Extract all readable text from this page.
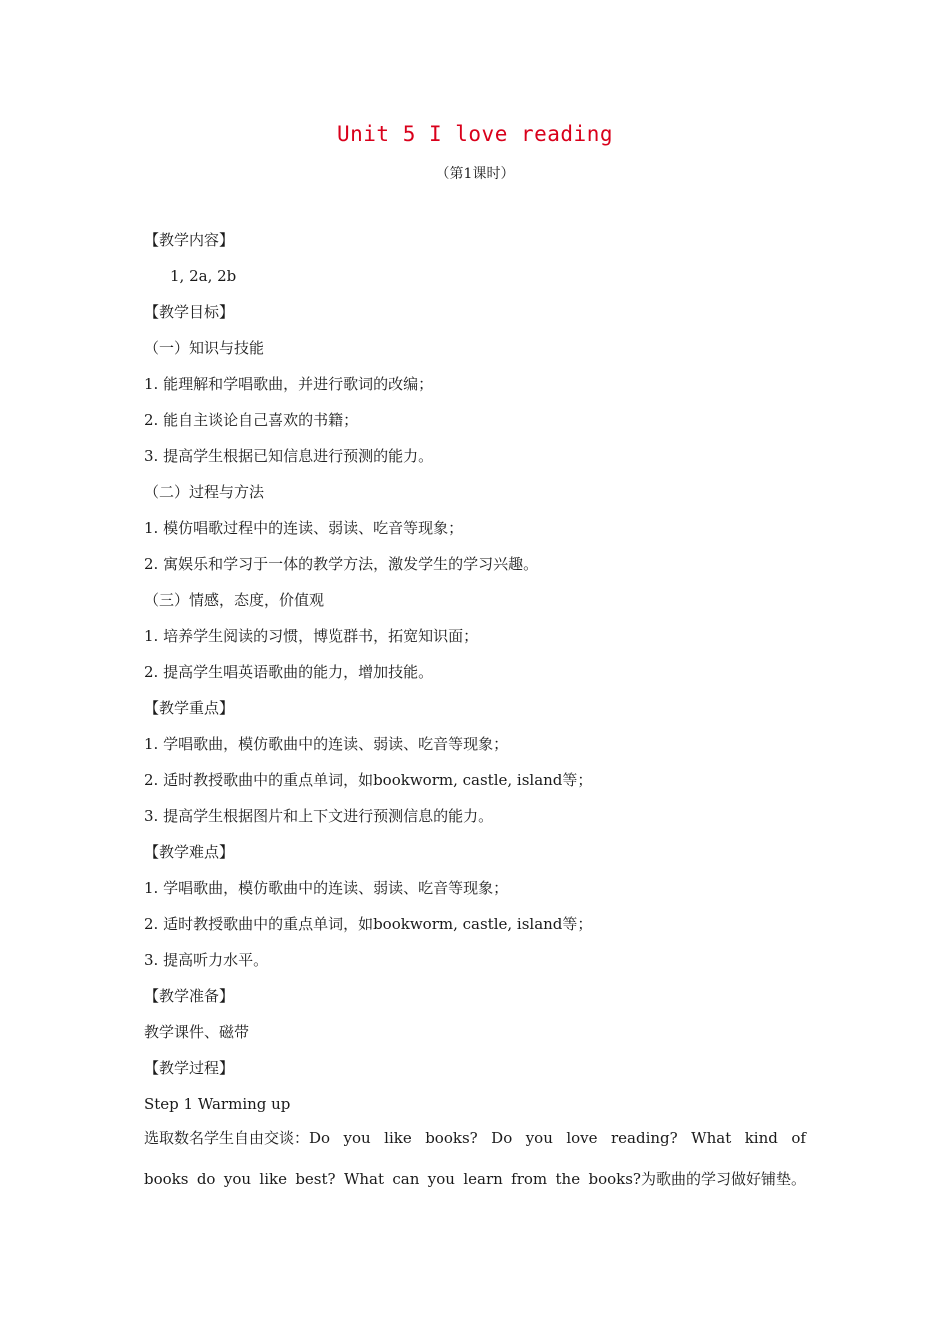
Unit 5 I love reading
（第1课时）
【教学内容】
1, 2a, 2b
【教学目标】
（一）知识与技能
1. 能理解和学唱歌曲，并进行歌词的改编；
2. 能自主谈论自己喜欢的书籍；
3. 提高学生根据已知信息进行预测的能力。
（二）过程与方法
1. 模仿唱歌过程中的连读、弱读、吃音等现象；
2. 寓娱乐和学习于一体的教学方法，激发学生的学习兴趣。
（三）情感，态度，价值观
1. 培养学生阅读的习惯，博览群书，拓宽知识面；
2. 提高学生唱英语歌曲的能力，增加技能。
【教学重点】
1. 学唱歌曲，模仿歌曲中的连读、弱读、吃音等现象；
2. 适时教授歌曲中的重点单词，如bookworm, castle, island等；
3. 提高学生根据图片和上下文进行预测信息的能力。
【教学难点】
1. 学唱歌曲，模仿歌曲中的连读、弱读、吃音等现象；
2. 适时教授歌曲中的重点单词，如bookworm, castle, island等；
3. 提高听力水平。
【教学准备】
教学课件、磁带
【教学过程】
Step 1 Warming up
选取数名学生自由交谈：Do you like books? Do you love reading? What kind of
books do you like best? What can you learn from the books?为歌曲的学习做好铺垫。
